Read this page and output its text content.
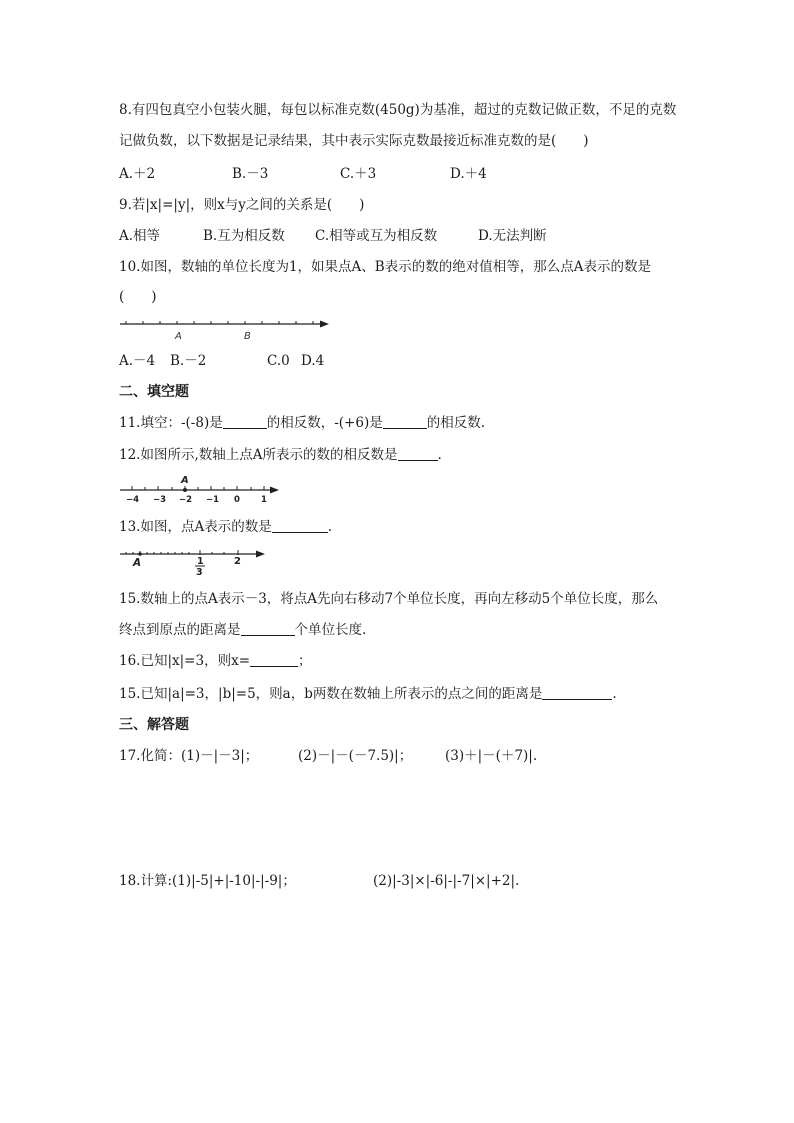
8.有四包真空小包装火腿，每包以标准克数(450g)为基准，超过的克数记做正数，不足的克数
记做负数，以下数据是记录结果，其中表示实际克数最接近标准克数的是(　　)
A.＋2	B.－3	C.＋3	D.＋4
9.若|x|=|y|，则x与y之间的关系是(　　)
A.相等	B.互为相反数 C.相等或互为相反数	D.无法判断
10.如图，数轴的单位长度为1，如果点A、B表示的数的绝对值相等，那么点A表示的数是
(　　)
A	B
A.－4 B.－2	C.0 D.4
二、填空题
11.填空：-(-8)是	的相反数，-(+6)是	的相反数.
12.如图所示,数轴上点A所表示的数的相反数是	.
A
−4 −3 −2 −1 0 1
13.如图，点A表示的数是	.
A	1
3
2
15.数轴上的点A表示－3，将点A先向右移动7个单位长度，再向左移动5个单位长度，那么
终点到原点的距离是	个单位长度.
16.已知|x|=3，则x=	；
15.已知|a|=3，|b|=5，则a，b两数在数轴上所表示的点之间的距离是	.
三、解答题
17.化简：(1)－|－3|；	(2)－|－(－7.5)|； (3)＋|－(＋7)|.
18.计算:(1)|-5|+|-10|-|-9|；	(2)|-3|×|-6|-|-7|×|+2|.
